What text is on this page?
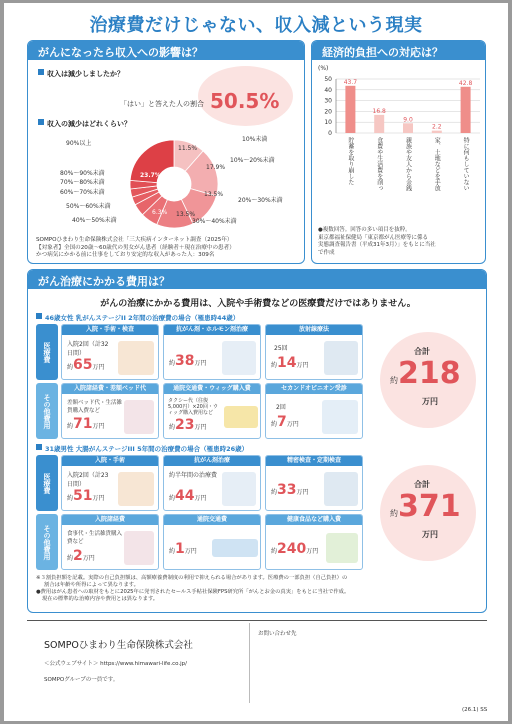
治療費だけじゃない、収入減という現実
がんになったら収入への影響は？
収入は減少しましたか？
「はい」と答えた人の割合 50.5%
収入の減少はどれくらい？
90%以上
80%～90%未満
70%～80%未満
60%～70%未満
50%～60%未満
40%～50%未満
10%未満
10%～20%未満
20%～30%未満
30%～40%未満
11.5%
17.9%
13.5%
13.5%
6.3%
23.7%
SOMPOひまわり生命保険株式会社「三大疾病インターネット調査（2025年）
【対象者】全国の20歳～60歳代の男女がん患者（経験者＋現在治療中の患者）
かつ病気にかかる前に仕事をしており安定的な収入があった人：309名
経済的負担への対応は？
(%)
50
40
30
20
10
0
43.7
貯蓄を取り崩した
16.8
食費や生活費を削っ
9.0
親族や友人から金銭
2.2
家、土地などを手放
42.8
特に何もしていない
●複数回答。回答の多い項目を抜粋。
東京都福祉保健局「東京都がん医療等に係る
実態調査報告書（平成31年3月）」をもとに当社
で作成
がん治療にかかる費用は？
がんの治療にかかる費用は、入院や手術費などの医療費だけではありません。
46歳女性 乳がんステージII 2年間の治療費の場合（罹患時44歳）
医療費
その他費用
入院・手術・検査
入院2回（計32日間）
約65万円
抗がん剤・ホルモン剤治療
約38万円
放射線療法
25回
約14万円
入院諸経費・差額ベッド代
差額ベッド代・生活雑貨購入費など
約71万円
通院交通費・ウィッグ購入費
タクシー代（往復5,000円）×20回・ウィッグ購入費用など
約23万円
セカンドオピニオン受診
2回
約7万円
合計
約218
万円
31歳男性 大腸がんステージIII 5年間の治療費の場合（罹患時26歳）
医療費
その他費用
入院・手術
入院2回（計23日間）
約51万円
抗がん剤治療
約半年間の治療費
約44万円
精密検査・定期検査
約33万円
入院諸経費
食事代・生活雑貨購入費など
約2万円
通院交通費
約1万円
健康食品など購入費
約240万円
合計
約371
万円
※３割負担額を記載。実際の自己負担額は、高額療養費制度の利用で抑えられる場合があります。医療費の一部負担（自己負担）の
割合は年齢や所得によって異なります。
●費用はがん患者への取材をもとに2025年に発刊されたセールス手帖社保険FPS研究所「がんとお金の真実」をもとに当社で作成。
現在の標準的な治療内容や費用とは異なります。
SOMPOひまわり生命保険株式会社
＜公式ウェブサイト＞ https://www.himawari-life.co.jp/
SOMPOグループの一員です。
お問い合わせ先
(26.1) SS
